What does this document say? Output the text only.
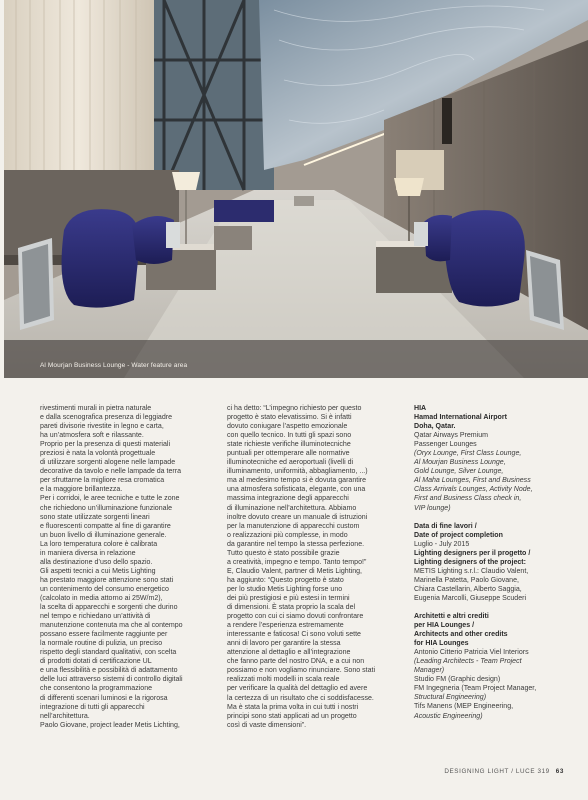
Al Mourjan Business Lounge - Water feature area
rivestimenti murali in pietra naturale
e dalla scenografica presenza di leggiadre
pareti divisorie rivestite in legno e carta,
ha un’atmosfera soft e rilassante.
Proprio per la presenza di questi materiali
preziosi è nata la volontà progettuale
di utilizzare sorgenti alogene nelle lampade
decorative da tavolo e nelle lampade da terra
per sfruttarne la migliore resa cromatica
e la maggiore brillantezza.
Per i corridoi, le aree tecniche e tutte le zone
che richiedono un’illuminazione funzionale
sono state utilizzate sorgenti lineari
e fluorescenti compatte al fine di garantire
un buon livello di illuminazione generale.
La loro temperatura colore è calibrata
in maniera diversa in relazione
alla destinazione d’uso dello spazio.
Gli aspetti tecnici a cui Metis Lighting
ha prestato maggiore attenzione sono stati
un contenimento del consumo energetico
(calcolato in media attorno ai 25W/m2),
la scelta di apparecchi e sorgenti che durino
nel tempo e richiedano un’attività di
manutenzione contenuta ma che al contempo
possano essere facilmente raggiunte per
la normale routine di pulizia, un preciso
rispetto degli standard qualitativi, con scelta
di prodotti dotati di certificazione UL
e una flessibilità e possibilità di adattamento
delle luci attraverso sistemi di controllo digitali
che consentono la programmazione
di differenti scenari luminosi e la rigorosa
integrazione di tutti gli apparecchi
nell’architettura.
Paolo Giovane, project leader Metis Lichting,
ci ha detto: “L’impegno richiesto per questo
progetto è stato elevatissimo. Si è infatti
dovuto coniugare l’aspetto emozionale
con quello tecnico. In tutti gli spazi sono
state richieste verifiche illuminotecniche
puntuali per ottemperare alle normative
illuminotecniche ed aeroportuali (livelli di
illuminamento, uniformità, abbagliamento, ...)
ma al medesimo tempo si è dovuta garantire
una atmosfera sofisticata, elegante, con una
massima integrazione degli apparecchi
di illuminazione nell’architettura. Abbiamo
inoltre dovuto creare un manuale di istruzioni
per la manutenzione di apparecchi custom
o realizzazioni più complesse, in modo
da garantire nel tempo la stessa perfezione.
Tutto questo è stato possibile grazie
a creatività, impegno e tempo. Tanto tempo!”
E, Claudio Valent, partner di Metis Lighting,
ha aggiunto: “Questo progetto è stato
per lo studio Metis Lighting forse uno
dei più prestigiosi e più estesi in termini
di dimensioni. È stata proprio la scala del
progetto con cui ci siamo dovuti confrontare
a rendere l’esperienza estremamente
interessante e faticosa! Ci sono voluti sette
anni di lavoro per garantire la stessa
attenzione al dettaglio e all’integrazione
che fanno parte del nostro DNA, e a cui non
possiamo e non vogliamo rinunciare. Sono stati
realizzati molti modelli in scala reale
per verificare la qualità del dettaglio ed avere
la certezza di un risultato che ci soddisfacesse.
Ma è stata la prima volta in cui tutti i nostri
principi sono stati applicati ad un progetto
così di vaste dimensioni”.
HIA
Hamad International Airport
Doha, Qatar.
Qatar Airways Premium
Passenger Lounges
(Oryx Lounge, First Class Lounge,
Al Mourjan Business Lounge,
Gold Lounge, Silver Lounge,
Al Maha Lounges, First and Business
Class Arrivals Lounges, Activity Node,
First and Business Class check in,
VIP lounge)
Data di fine lavori /
Date of project completion
Luglio - July 2015
Lighting designers per il progetto /
Lighting designers of the project:
METIS Lighting s.r.l.: Claudio Valent,
Marinella Patetta, Paolo Giovane,
Chiara Castellarin, Alberto Saggia,
Eugenia Marcolli, Giuseppe Scuderi
Architetti e altri crediti
per HIA Lounges /
Architects and other credits
for HIA Lounges
Antonio Citterio Patricia Viel Interiors
(Leading Architects - Team Project
Manager)
Studio FM (Graphic design)
FM Ingegneria (Team Project Manager,
Structural Engineering)
Tifs Manens (MEP Engineering,
Acoustic Engineering)
DESIGNING LIGHT / LUCE 319 63
